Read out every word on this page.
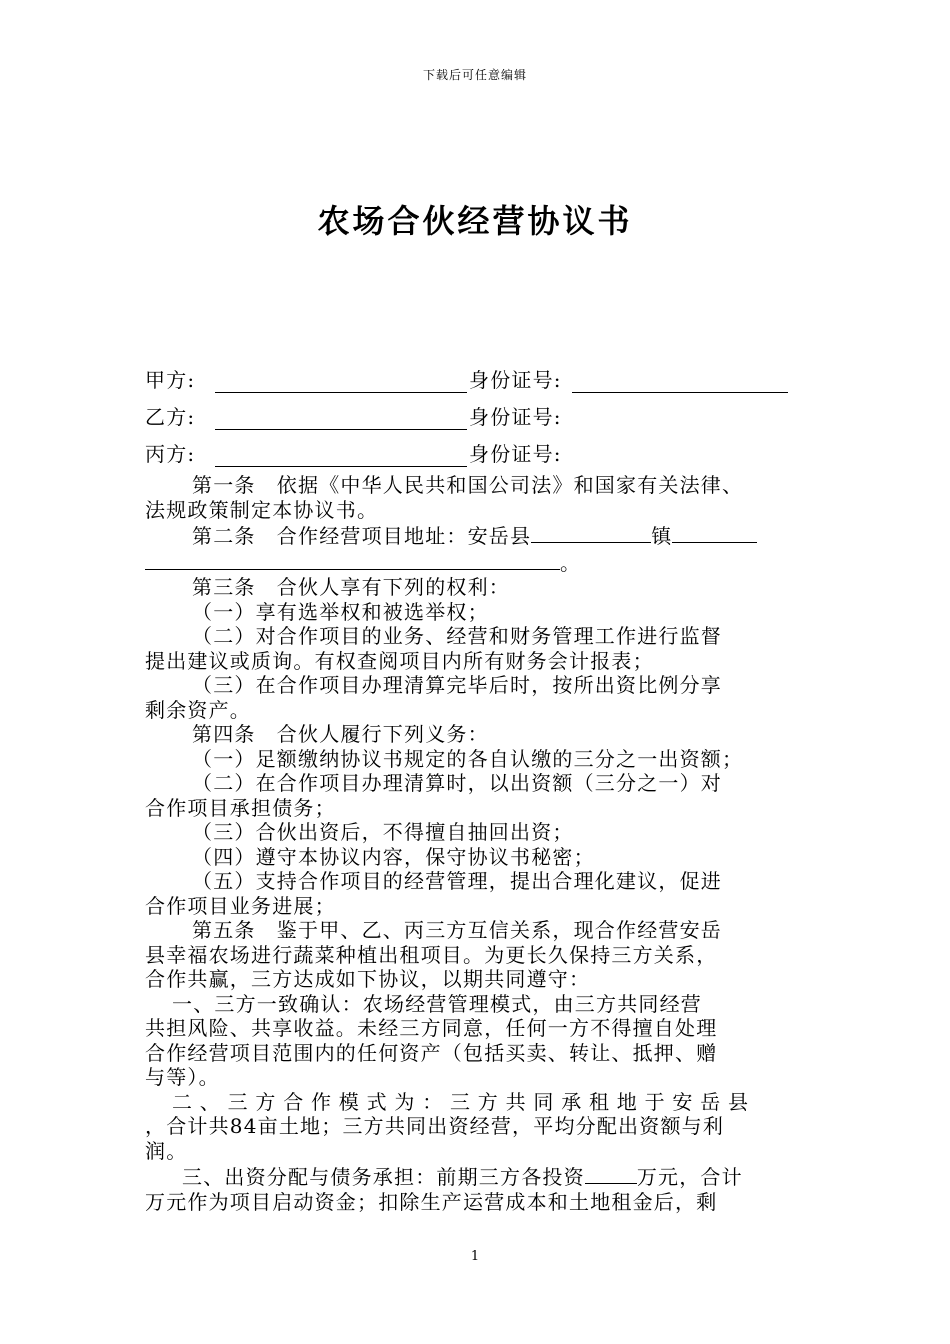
下载后可任意编辑
农场合伙经营协议书
甲方:	身份证号:
乙方:	身份证号:
丙方:	身份证号:

第一条　依据《中华人民共和国公司法》和国家有关法律、

法规政策制定本协议书。

第二条　合作经营项目地址：安岳县	镇

。

第三条　合伙人享有下列的权利：

（一）享有选举权和被选举权；

（二）对合作项目的业务、经营和财务管理工作进行监督

提出建议或质询。有权查阅项目内所有财务会计报表；

（三）在合作项目办理清算完毕后时，按所出资比例分享

剩余资产。

第四条　合伙人履行下列义务：

（一）足额缴纳协议书规定的各自认缴的三分之一出资额；

（二）在合作项目办理清算时，以出资额（三分之一）对

合作项目承担债务；

（三）合伙出资后，不得擅自抽回出资；

（四）遵守本协议内容，保守协议书秘密；

（五）支持合作项目的经营管理，提出合理化建议，促进

合作项目业务进展；

第五条　鉴于甲、乙、丙三方互信关系，现合作经营安岳

县幸福农场进行蔬菜种植出租项目。为更长久保持三方关系，

合作共赢，三方达成如下协议，以期共同遵守：

一、三方一致确认：农场经营管理模式，由三方共同经营

共担风险、共享收益。未经三方同意，任何一方不得擅自处理

合作经营项目范围内的任何资产（包括买卖、转让、抵押、赠

与等）。

二、三方合作模式为：三方共同承租地于安岳县

，合计共84亩土地；三方共同出资经营，平均分配出资额与利

润。

三、出资分配与债务承担：前期三方各投资	万元，合计

万元作为项目启动资金；扣除生产运营成本和土地租金后，剩

1
